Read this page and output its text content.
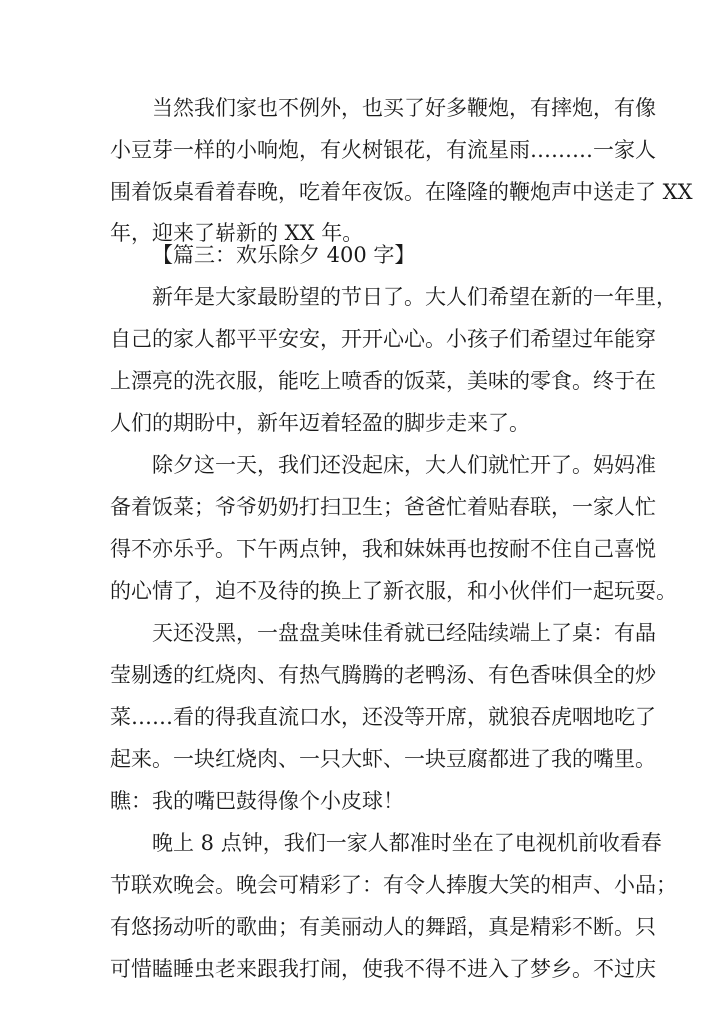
当然我们家也不例外，也买了好多鞭炮，有摔炮，有像
小豆芽一样的小响炮，有火树银花，有流星雨………一家人
围着饭桌看着春晚，吃着年夜饭。在隆隆的鞭炮声中送走了 XX
年，迎来了崭新的 XX 年。
【篇三：欢乐除夕 400 字】
新年是大家最盼望的节日了。大人们希望在新的一年里，
自己的家人都平平安安，开开心心。小孩子们希望过年能穿
上漂亮的洗衣服，能吃上喷香的饭菜，美味的零食。终于在
人们的期盼中，新年迈着轻盈的脚步走来了。
除夕这一天，我们还没起床，大人们就忙开了。妈妈准
备着饭菜；爷爷奶奶打扫卫生；爸爸忙着贴春联，一家人忙
得不亦乐乎。下午两点钟，我和妹妹再也按耐不住自己喜悦
的心情了，迫不及待的换上了新衣服，和小伙伴们一起玩耍。
天还没黑，一盘盘美味佳肴就已经陆续端上了桌：有晶
莹剔透的红烧肉、有热气腾腾的老鸭汤、有色香味俱全的炒
菜……看的得我直流口水，还没等开席，就狼吞虎咽地吃了
起来。一块红烧肉、一只大虾、一块豆腐都进了我的嘴里。
瞧：我的嘴巴鼓得像个小皮球！
晚上 8 点钟，我们一家人都准时坐在了电视机前收看春
节联欢晚会。晚会可精彩了：有令人捧腹大笑的相声、小品；
有悠扬动听的歌曲；有美丽动人的舞蹈，真是精彩不断。只
可惜瞌睡虫老来跟我打闹，使我不得不进入了梦乡。不过庆
